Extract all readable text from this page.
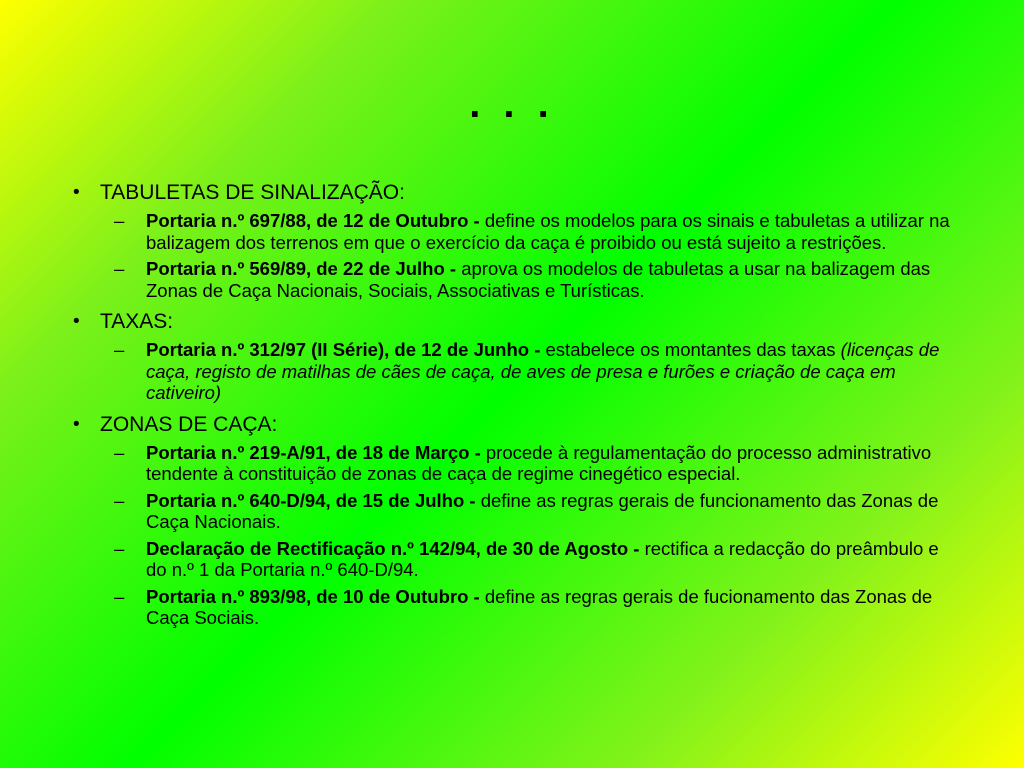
. . .
• TABULETAS DE SINALIZAÇÃO:
– Portaria n.º 697/88, de 12 de Outubro - define os modelos para os sinais e tabuletas a utilizar na balizagem dos terrenos em que o exercício da caça é proibido ou está sujeito a restrições.
– Portaria n.º 569/89, de 22 de Julho - aprova os modelos de tabuletas a usar na balizagem das Zonas de Caça Nacionais, Sociais, Associativas e Turísticas.
• TAXAS:
– Portaria n.º 312/97 (II Série), de 12 de Junho - estabelece os montantes das taxas (licenças de caça, registo de matilhas de cães de caça, de aves de presa e furões e criação de caça em cativeiro)
• ZONAS DE CAÇA:
– Portaria n.º 219-A/91, de 18 de Março - procede à regulamentação do processo administrativo tendente à constituição de zonas de caça de regime cinegético especial.
– Portaria n.º 640-D/94, de 15 de Julho - define as regras gerais de funcionamento das Zonas de Caça Nacionais.
– Declaração de Rectificação n.º 142/94, de 30 de Agosto - rectifica a redacção do preâmbulo e do n.º 1 da Portaria n.º 640-D/94.
– Portaria n.º 893/98, de 10 de Outubro - define as regras gerais de fucionamento das Zonas de Caça Sociais.
